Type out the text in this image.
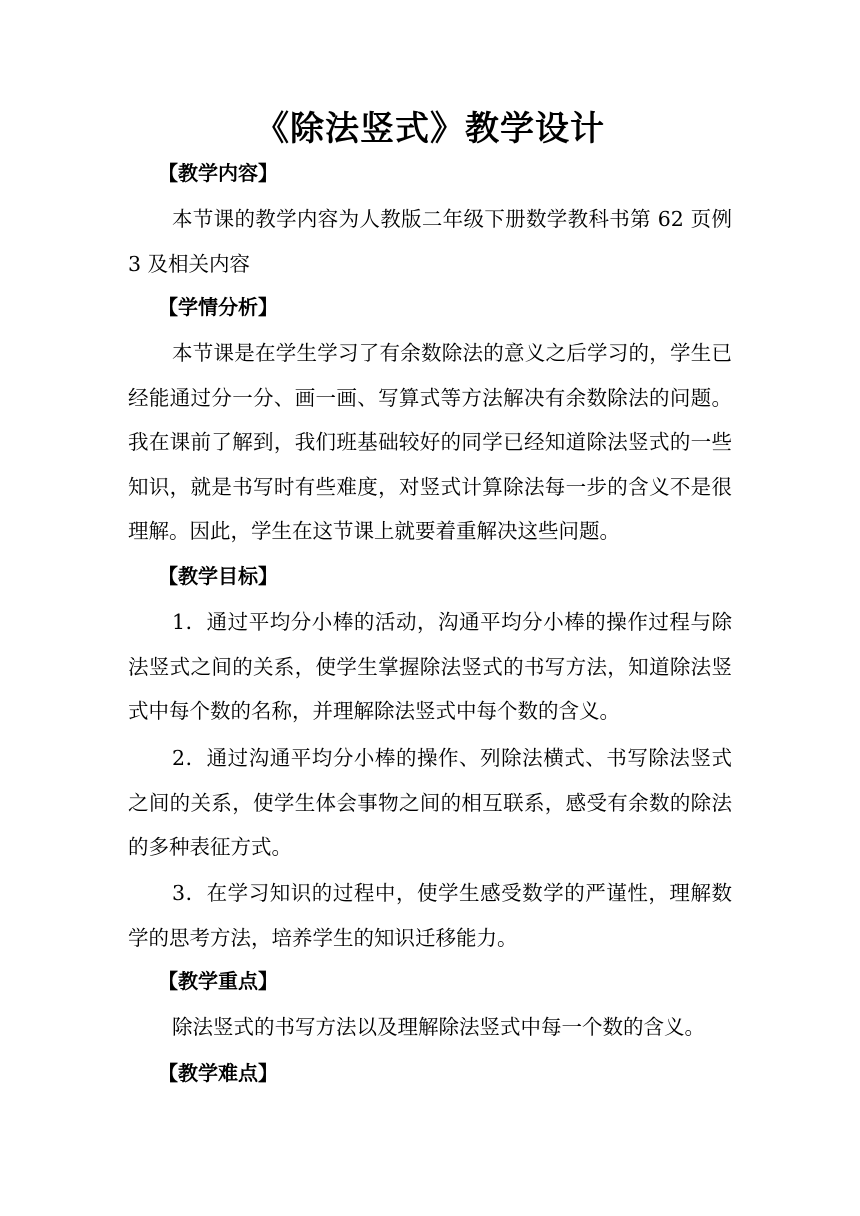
《除法竖式》教学设计
【教学内容】
本节课的教学内容为人教版二年级下册数学教科书第 62 页例 3 及相关内容
【学情分析】
本节课是在学生学习了有余数除法的意义之后学习的，学生已经能通过分一分、画一画、写算式等方法解决有余数除法的问题。我在课前了解到，我们班基础较好的同学已经知道除法竖式的一些知识，就是书写时有些难度，对竖式计算除法每一步的含义不是很理解。因此，学生在这节课上就要着重解决这些问题。
【教学目标】
1．通过平均分小棒的活动，沟通平均分小棒的操作过程与除法竖式之间的关系，使学生掌握除法竖式的书写方法，知道除法竖式中每个数的名称，并理解除法竖式中每个数的含义。
2．通过沟通平均分小棒的操作、列除法横式、书写除法竖式之间的关系，使学生体会事物之间的相互联系，感受有余数的除法的多种表征方式。
3．在学习知识的过程中，使学生感受数学的严谨性，理解数学的思考方法，培养学生的知识迁移能力。
【教学重点】
除法竖式的书写方法以及理解除法竖式中每一个数的含义。
【教学难点】
